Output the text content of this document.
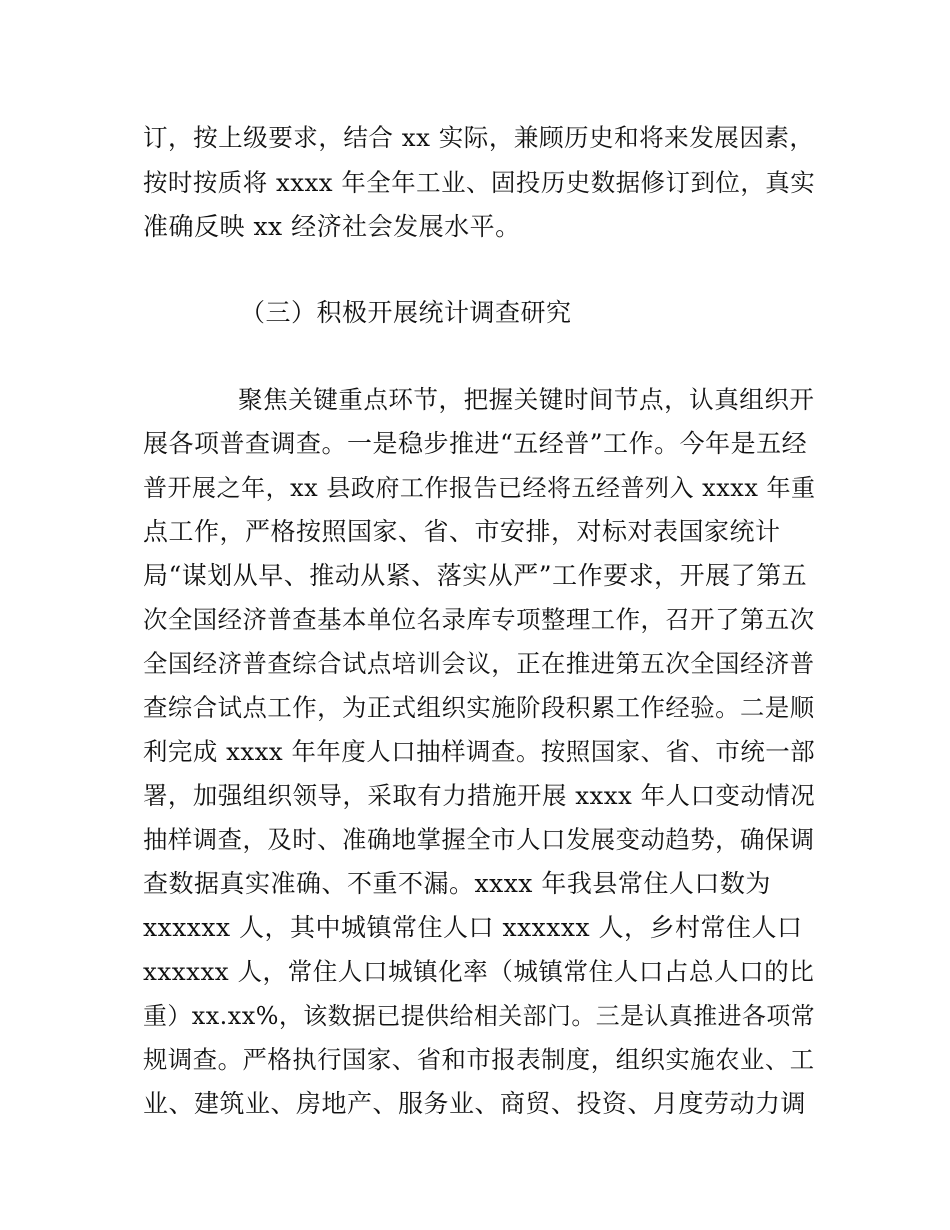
订，按上级要求，结合 xx 实际，兼顾历史和将来发展因素，
按时按质将 xxxx 年全年工业、固投历史数据修订到位，真实
准确反映 xx 经济社会发展水平。
（三）积极开展统计调查研究
聚焦关键重点环节，把握关键时间节点，认真组织开
展各项普查调查。一是稳步推进“五经普”工作。今年是五经
普开展之年，xx 县政府工作报告已经将五经普列入 xxxx 年重
点工作，严格按照国家、省、市安排，对标对表国家统计
局“谋划从早、推动从紧、落实从严”工作要求，开展了第五
次全国经济普查基本单位名录库专项整理工作，召开了第五次
全国经济普查综合试点培训会议，正在推进第五次全国经济普
查综合试点工作，为正式组织实施阶段积累工作经验。二是顺
利完成 xxxx 年年度人口抽样调查。按照国家、省、市统一部
署，加强组织领导，采取有力措施开展 xxxx 年人口变动情况
抽样调查，及时、准确地掌握全市人口发展变动趋势，确保调
查数据真实准确、不重不漏。xxxx 年我县常住人口数为
xxxxxx 人，其中城镇常住人口 xxxxxx 人，乡村常住人口
xxxxxx 人，常住人口城镇化率（城镇常住人口占总人口的比
重）xx.xx%，该数据已提供给相关部门。三是认真推进各项常
规调查。严格执行国家、省和市报表制度，组织实施农业、工
业、建筑业、房地产、服务业、商贸、投资、月度劳动力调
